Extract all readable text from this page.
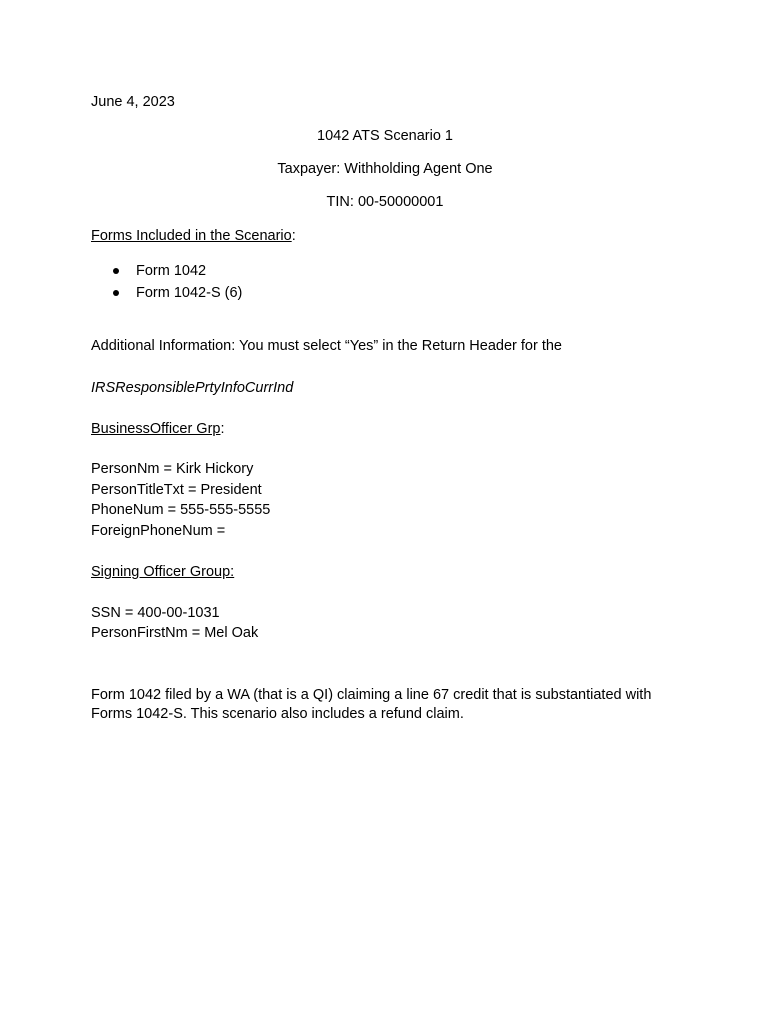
June 4, 2023
1042 ATS Scenario 1
Taxpayer: Withholding Agent One
TIN: 00-50000001
Forms Included in the Scenario:
Form 1042
Form 1042-S (6)
Additional Information: You must select “Yes” in the Return Header for the
IRSResponsiblePrtyInfoCurrInd
BusinessOfficer Grp:
PersonNm = Kirk Hickory
PersonTitleTxt = President
PhoneNum = 555-555-5555
ForeignPhoneNum =
Signing Officer Group:
SSN = 400-00-1031
PersonFirstNm = Mel Oak
Form 1042 filed by a WA (that is a QI) claiming a line 67 credit that is substantiated with
Forms 1042-S. This scenario also includes a refund claim.
